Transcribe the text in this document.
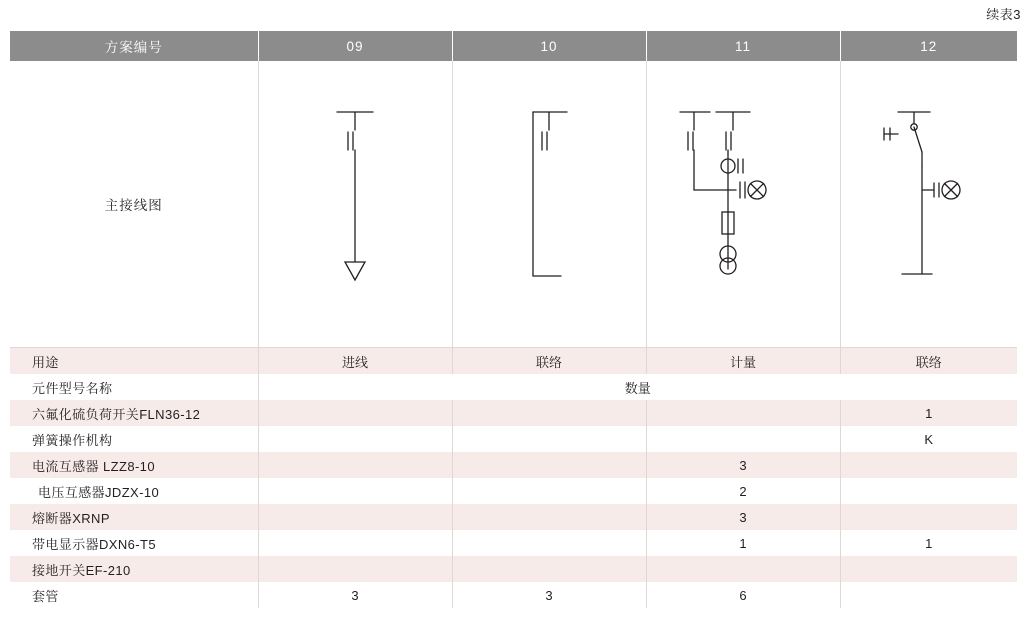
续表3
方案编号	09	10	11	12
主接线图	

用途	进线	联络	计量	联络
元件型号名称	数量			
六氟化硫负荷开关FLN36-12				1
弹簧操作机构				K
电流互感器 LZZ8-10			3	
电压互感器JDZX-10			2	
熔断器XRNP			3	
带电显示器DXN6-T5			1	1
接地开关EF-210				
套管	3	3	6	
